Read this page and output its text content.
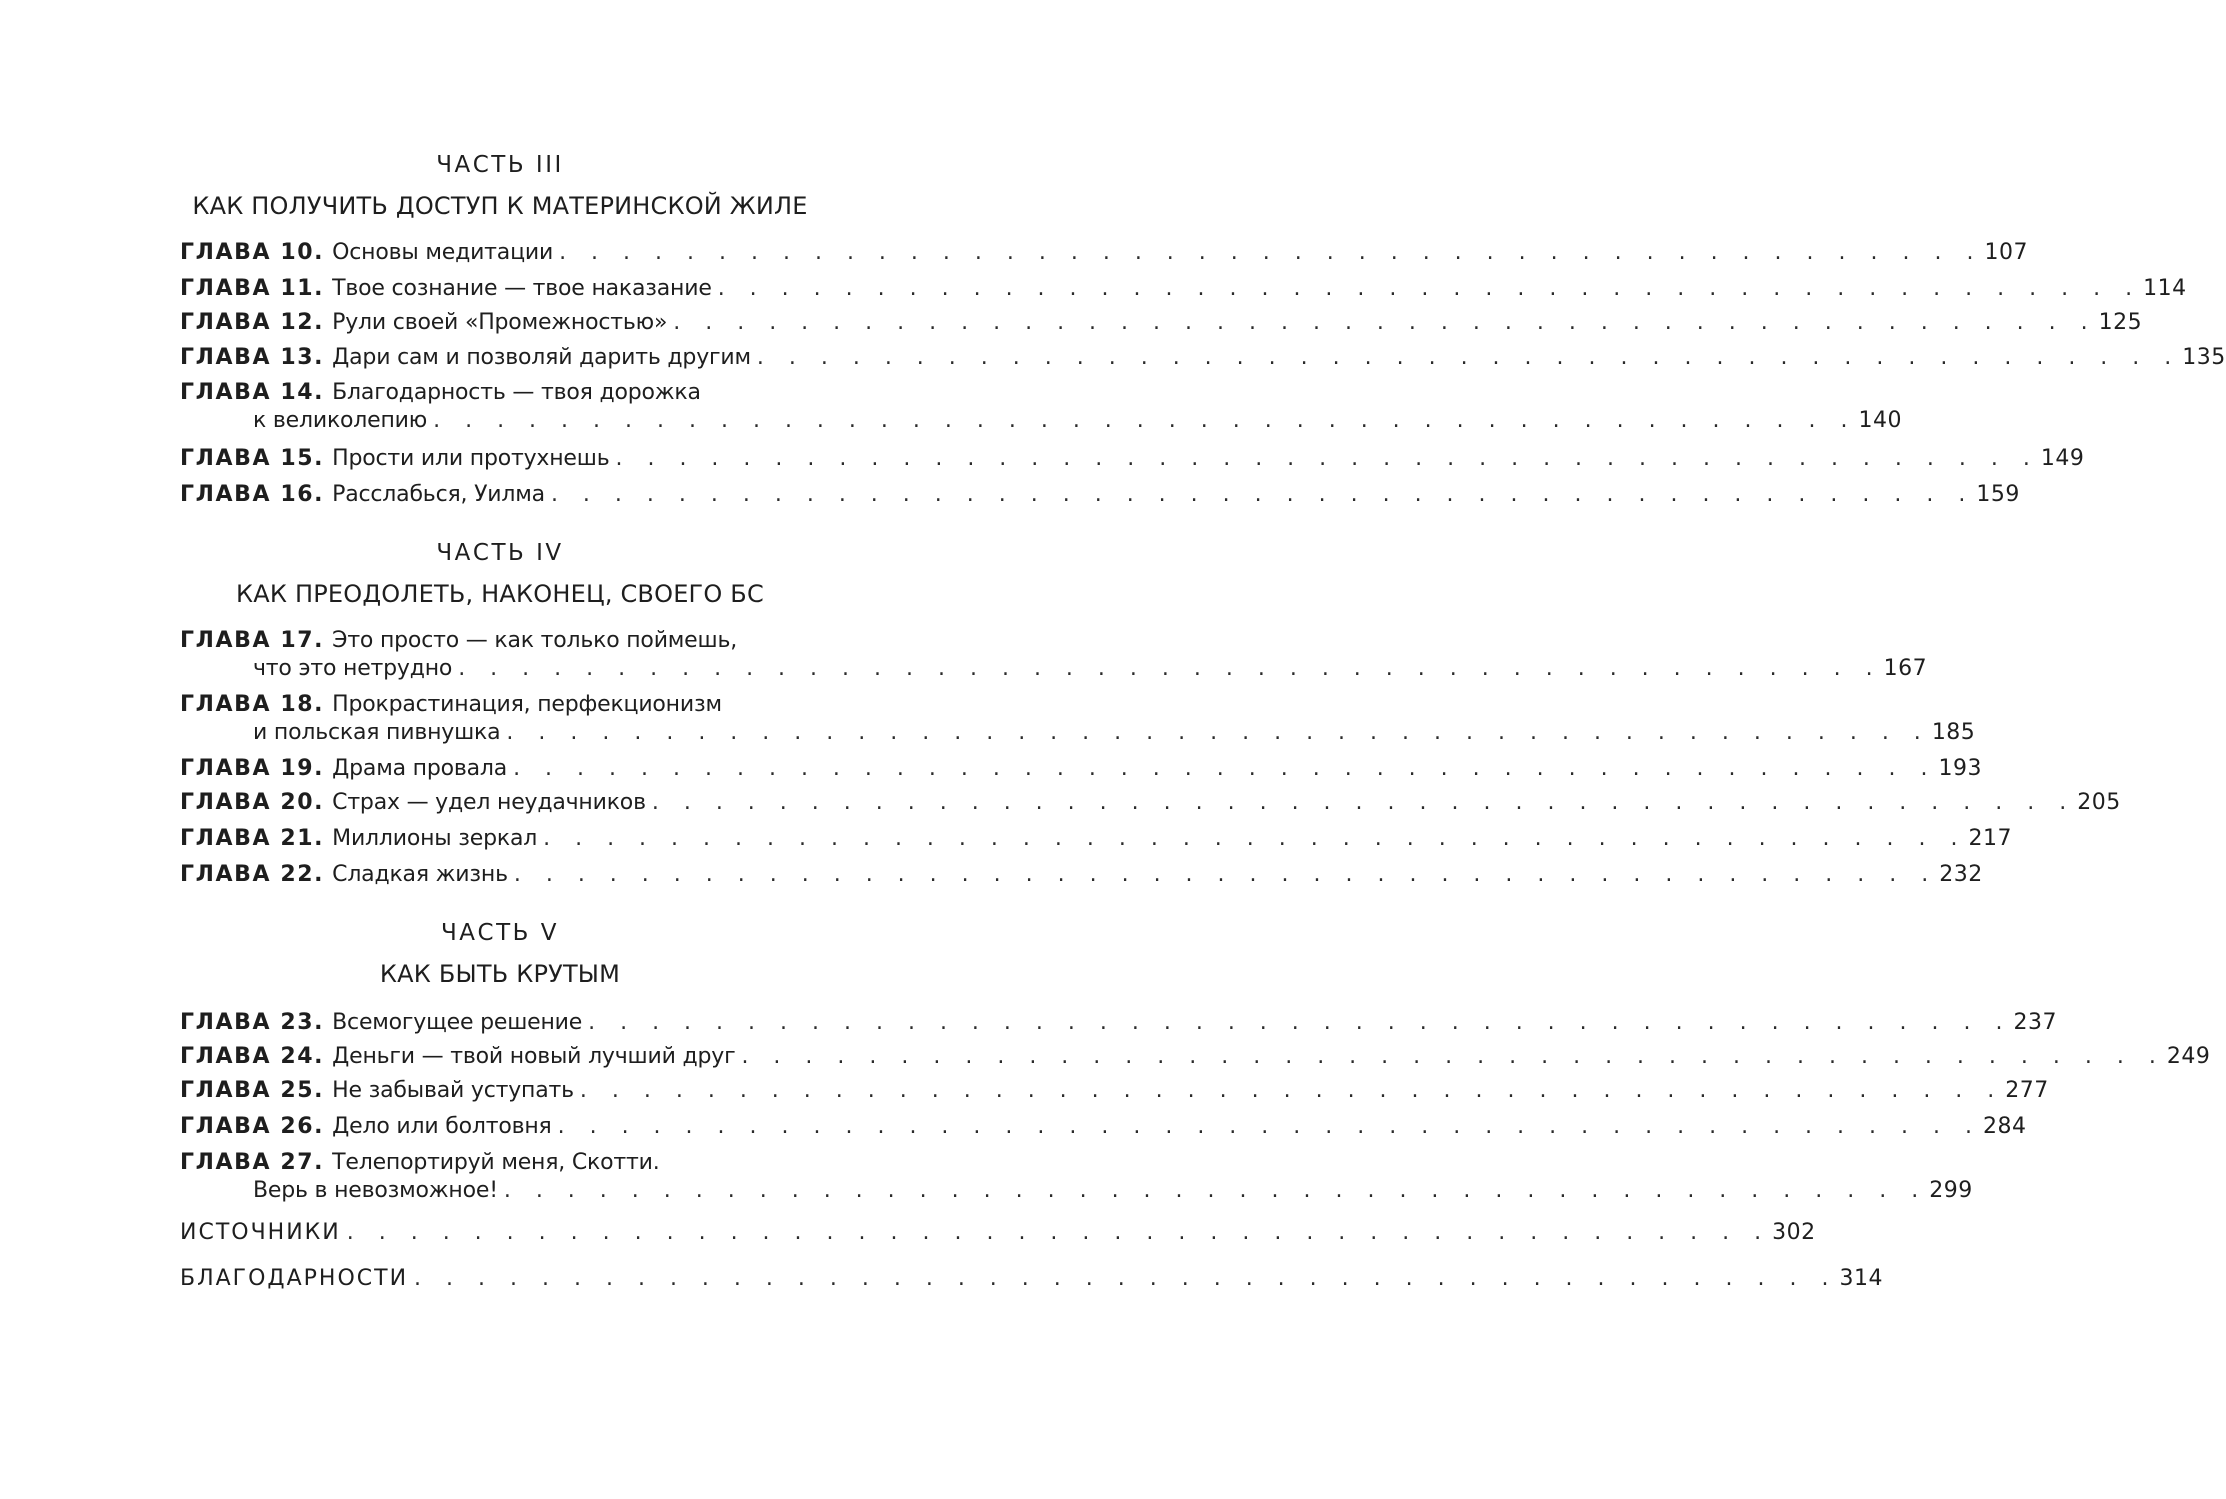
ЧАСТЬ III
КАК ПОЛУЧИТЬ ДОСТУП К МАТЕРИНСКОЙ ЖИЛЕ
ГЛАВА 10. Основы медитации . . . . . . . . . . . . . . . . . . . . . . . . . . . . . . . . . . . . . . . . . . . . . 107
ГЛАВА 11. Твое сознание — твое наказание . . . . . . . . . . . . . . . . . . . . . . . . . . . . . . . . . . . . . . . . . . . . . 114
ГЛАВА 12. Рули своей «Промежностью» . . . . . . . . . . . . . . . . . . . . . . . . . . . . . . . . . . . . . . . . . . . . . 125
ГЛАВА 13. Дари сам и позволяй дарить другим . . . . . . . . . . . . . . . . . . . . . . . . . . . . . . . . . . . . . . . . . . . . . 135
ГЛАВА 14. Благодарность — твоя дорожка
к великолепию . . . . . . . . . . . . . . . . . . . . . . . . . . . . . . . . . . . . . . . . . . . . . 140
ГЛАВА 15. Прости или протухнешь . . . . . . . . . . . . . . . . . . . . . . . . . . . . . . . . . . . . . . . . . . . . . 149
ГЛАВА 16. Расслабься, Уилма . . . . . . . . . . . . . . . . . . . . . . . . . . . . . . . . . . . . . . . . . . . . . 159
ЧАСТЬ IV
КАК ПРЕОДОЛЕТЬ, НАКОНЕЦ, СВОЕГО БС
ГЛАВА 17. Это просто — как только поймешь,
что это нетрудно . . . . . . . . . . . . . . . . . . . . . . . . . . . . . . . . . . . . . . . . . . . . . 167
ГЛАВА 18. Прокрастинация, перфекционизм
и польская пивнушка . . . . . . . . . . . . . . . . . . . . . . . . . . . . . . . . . . . . . . . . . . . . . 185
ГЛАВА 19. Драма провала . . . . . . . . . . . . . . . . . . . . . . . . . . . . . . . . . . . . . . . . . . . . . 193
ГЛАВА 20. Страх — удел неудачников . . . . . . . . . . . . . . . . . . . . . . . . . . . . . . . . . . . . . . . . . . . . . 205
ГЛАВА 21. Миллионы зеркал . . . . . . . . . . . . . . . . . . . . . . . . . . . . . . . . . . . . . . . . . . . . . 217
ГЛАВА 22. Сладкая жизнь . . . . . . . . . . . . . . . . . . . . . . . . . . . . . . . . . . . . . . . . . . . . . 232
ЧАСТЬ V
КАК БЫТЬ КРУТЫМ
ГЛАВА 23. Всемогущее решение . . . . . . . . . . . . . . . . . . . . . . . . . . . . . . . . . . . . . . . . . . . . . 237
ГЛАВА 24. Деньги — твой новый лучший друг . . . . . . . . . . . . . . . . . . . . . . . . . . . . . . . . . . . . . . . . . . . . . 249
ГЛАВА 25. Не забывай уступать . . . . . . . . . . . . . . . . . . . . . . . . . . . . . . . . . . . . . . . . . . . . . 277
ГЛАВА 26. Дело или болтовня . . . . . . . . . . . . . . . . . . . . . . . . . . . . . . . . . . . . . . . . . . . . . 284
ГЛАВА 27. Телепортируй меня, Скотти.
Верь в невозможное! . . . . . . . . . . . . . . . . . . . . . . . . . . . . . . . . . . . . . . . . . . . . . 299
ИСТОЧНИКИ . . . . . . . . . . . . . . . . . . . . . . . . . . . . . . . . . . . . . . . . . . . . . 302
БЛАГОДАРНОСТИ . . . . . . . . . . . . . . . . . . . . . . . . . . . . . . . . . . . . . . . . . . . . . 314
